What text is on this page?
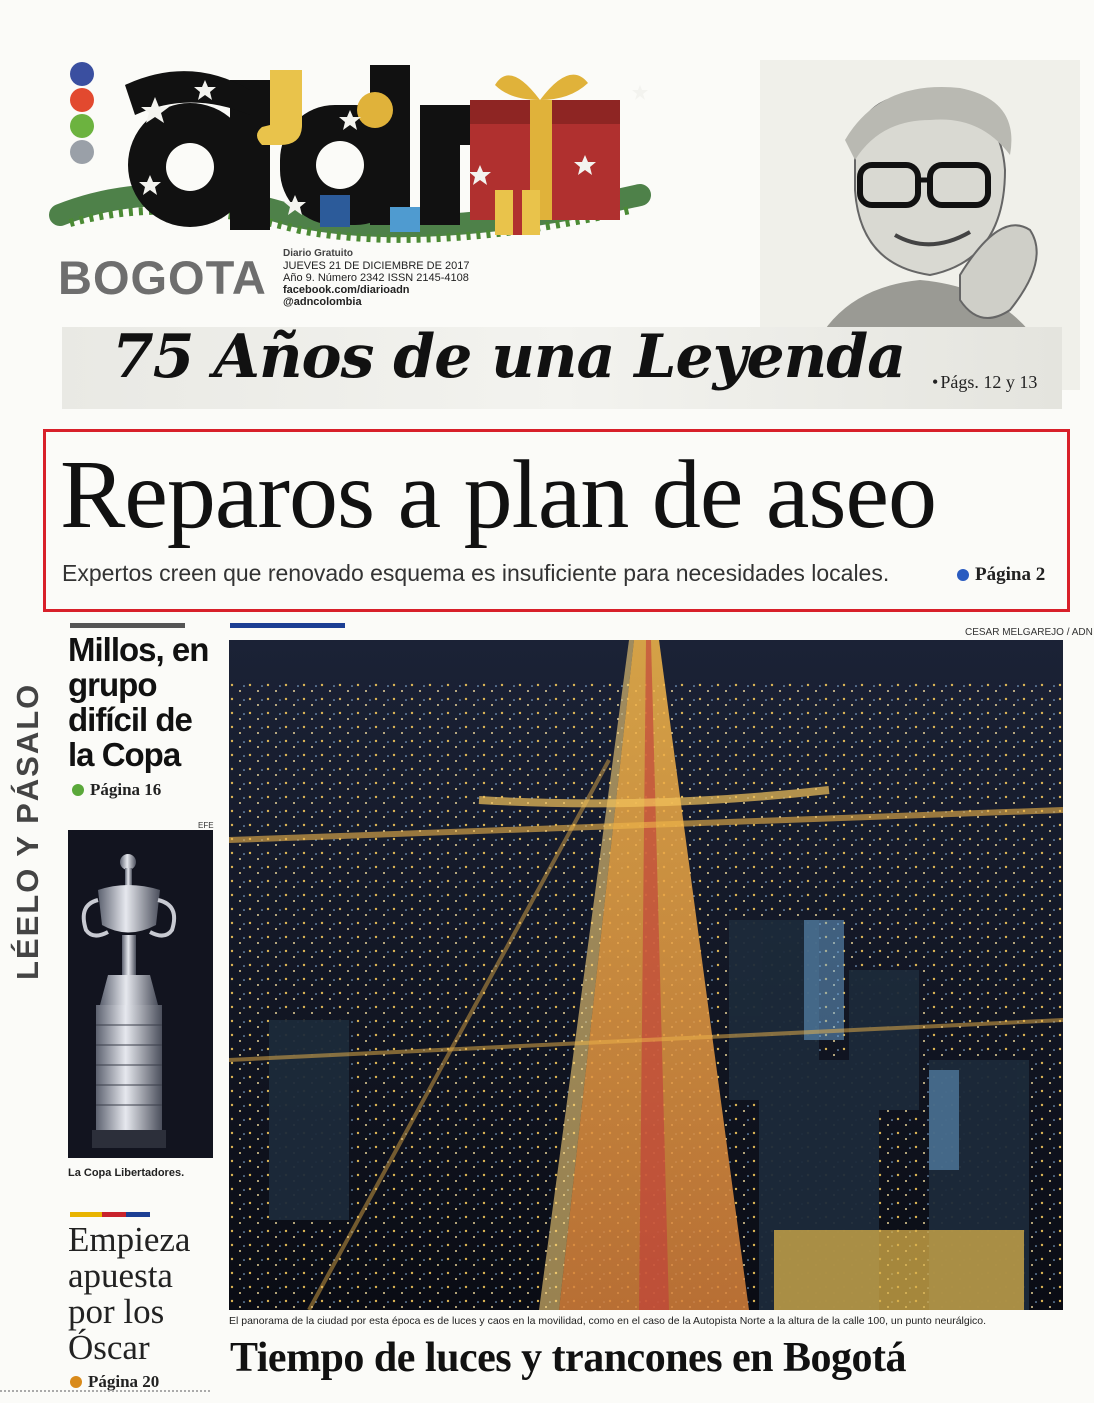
BOGOTA Diario Gratuito
JUEVES 21 DE DICIEMBRE DE 2017
Año 9. Número 2342 ISSN 2145-4108
facebook.com/diarioadn
@adncolombia
75 Años de una Leyenda
•	Págs. 12 y 13
Reparos a plan de aseo
Expertos creen que renovado esquema es insuficiente para necesidades locales.	Página 2
LÉELO Y PÁSALO
Millos, en grupo difícil de la Copa
Página 16
EFE
La Copa Libertadores.
Empieza apuesta por los Óscar
Página 20
CESAR MELGAREJO / ADN
El panorama de la ciudad por esta época es de luces y caos en la movilidad, como en el caso de la Autopista Norte a la altura de la calle 100, un punto neurálgico.
Tiempo de luces y trancones en Bogotá
